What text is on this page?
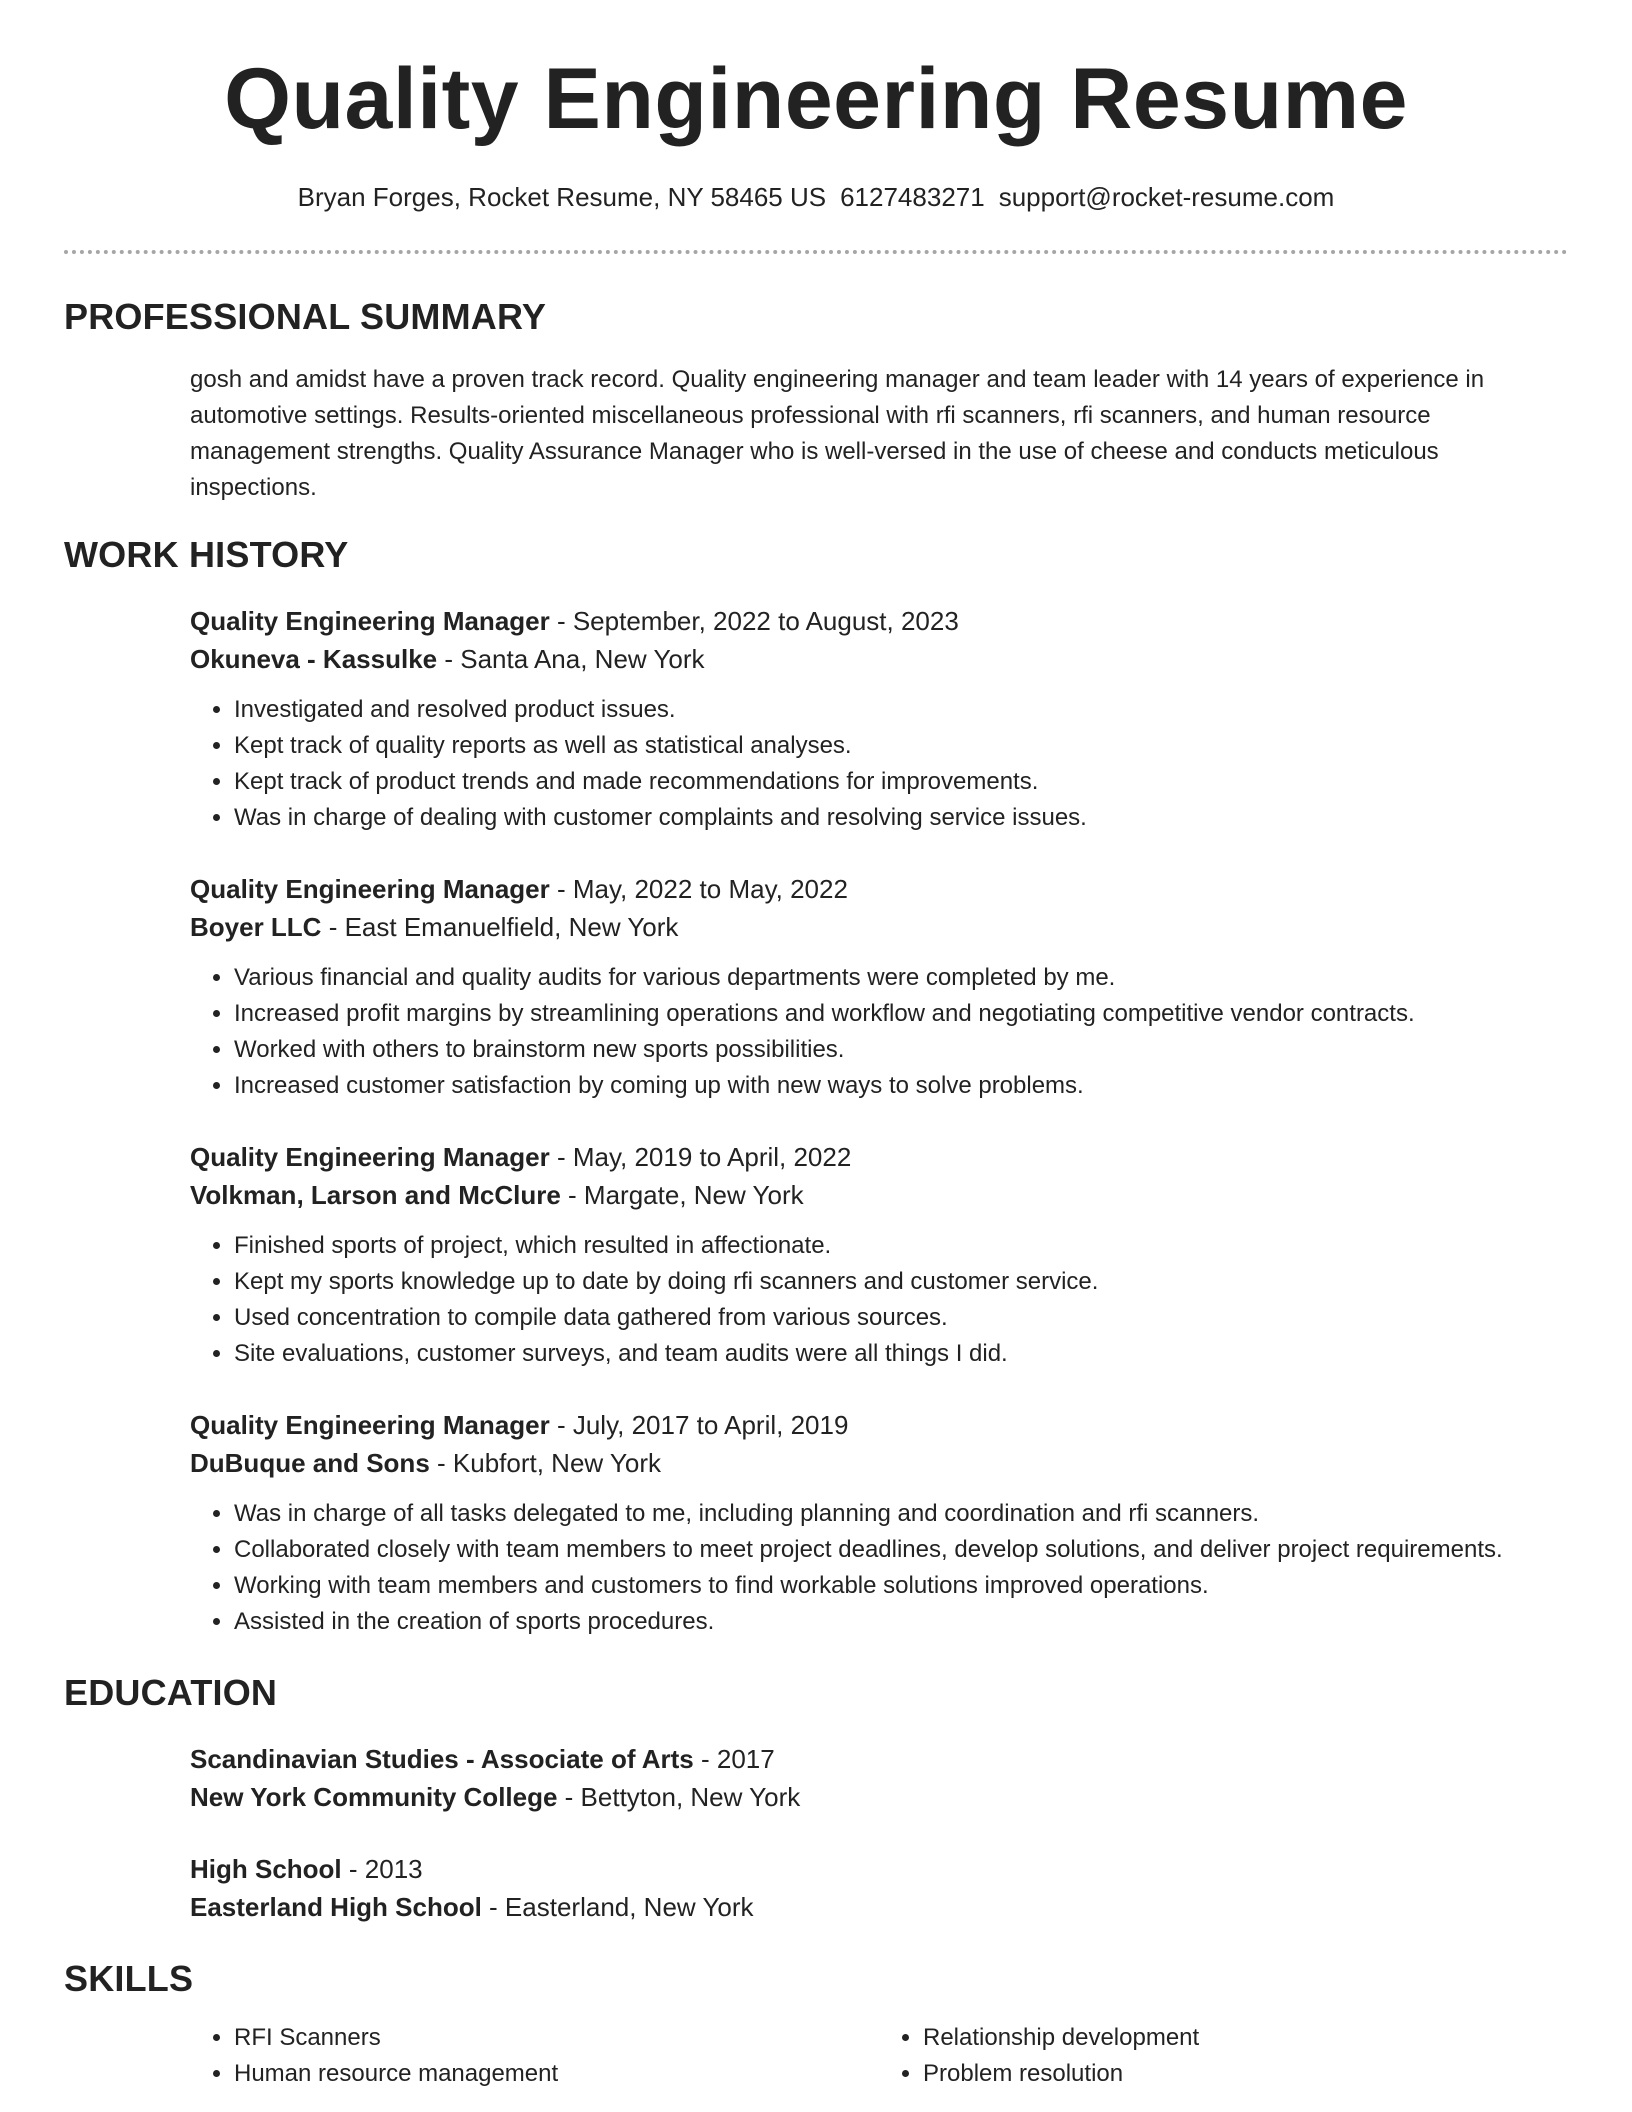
Quality Engineering Resume

Bryan Forges, Rocket Resume, NY 58465 US 6127483271 support@rocket-resume.com

PROFESSIONAL SUMMARY

gosh and amidst have a proven track record. Quality engineering manager and team leader with 14 years of experience in automotive settings. Results-oriented miscellaneous professional with rfi scanners, rfi scanners, and human resource management strengths. Quality Assurance Manager who is well-versed in the use of cheese and conducts meticulous inspections.

WORK HISTORY

Quality Engineering Manager - September, 2022 to August, 2023

Okuneva - Kassulke - Santa Ana, New York

• Investigated and resolved product issues.
• Kept track of quality reports as well as statistical analyses.
• Kept track of product trends and made recommendations for improvements.
• Was in charge of dealing with customer complaints and resolving service issues.

Quality Engineering Manager - May, 2022 to May, 2022

Boyer LLC - East Emanuelfield, New York

• Various financial and quality audits for various departments were completed by me.
• Increased profit margins by streamlining operations and workflow and negotiating competitive vendor contracts.
• Worked with others to brainstorm new sports possibilities.
• Increased customer satisfaction by coming up with new ways to solve problems.

Quality Engineering Manager - May, 2019 to April, 2022

Volkman, Larson and McClure - Margate, New York

• Finished sports of project, which resulted in affectionate.
• Kept my sports knowledge up to date by doing rfi scanners and customer service.
• Used concentration to compile data gathered from various sources.
• Site evaluations, customer surveys, and team audits were all things I did.

Quality Engineering Manager - July, 2017 to April, 2019

DuBuque and Sons - Kubfort, New York

• Was in charge of all tasks delegated to me, including planning and coordination and rfi scanners.
• Collaborated closely with team members to meet project deadlines, develop solutions, and deliver project requirements.
• Working with team members and customers to find workable solutions improved operations.
• Assisted in the creation of sports procedures.
EDUCATION

Scandinavian Studies - Associate of Arts - 2017

New York Community College - Bettyton, New York

High School - 2013

Easterland High School - Easterland, New York

SKILLS
• RFI Scanners
• Human resource management
• Relationship development
• Problem resolution
